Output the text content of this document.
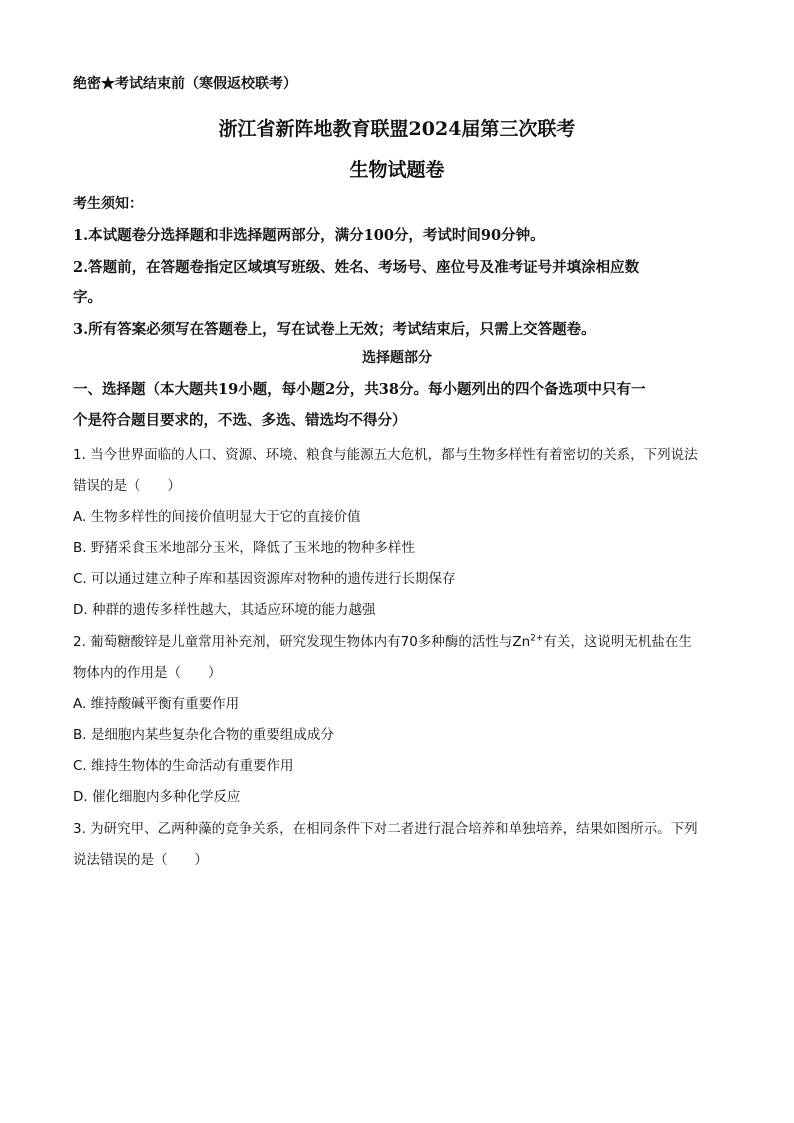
绝密★考试结束前（寒假返校联考）
浙江省新阵地教育联盟2024届第三次联考
生物试题卷
考生须知：
1.本试题卷分选择题和非选择题两部分，满分100分，考试时间90分钟。
2.答题前，在答题卷指定区域填写班级、姓名、考场号、座位号及准考证号并填涂相应数
字。
3.所有答案必须写在答题卷上，写在试卷上无效；考试结束后，只需上交答题卷。
选择题部分
一、选择题（本大题共19小题，每小题2分，共38分。每小题列出的四个备选项中只有一
个是符合题目要求的，不选、多选、错选均不得分）
1. 当今世界面临的人口、资源、环境、粮食与能源五大危机，都与生物多样性有着密切的关系，下列说法
错误的是（　　）
A. 生物多样性的间接价值明显大于它的直接价值
B. 野猪采食玉米地部分玉米，降低了玉米地的物种多样性
C. 可以通过建立种子库和基因资源库对物种的遗传进行长期保存
D. 种群的遗传多样性越大，其适应环境的能力越强
2. 葡萄糖酸锌是儿童常用补充剂，研究发现生物体内有70多种酶的活性与$Zn^{2+}$有关，这说明无机盐在生
物体内的作用是（　　）
A. 维持酸碱平衡有重要作用
B. 是细胞内某些复杂化合物的重要组成成分
C. 维持生物体的生命活动有重要作用
D. 催化细胞内多种化学反应
3. 为研究甲、乙两种藻的竞争关系，在相同条件下对二者进行混合培养和单独培养，结果如图所示。下列
说法错误的是（　　）
